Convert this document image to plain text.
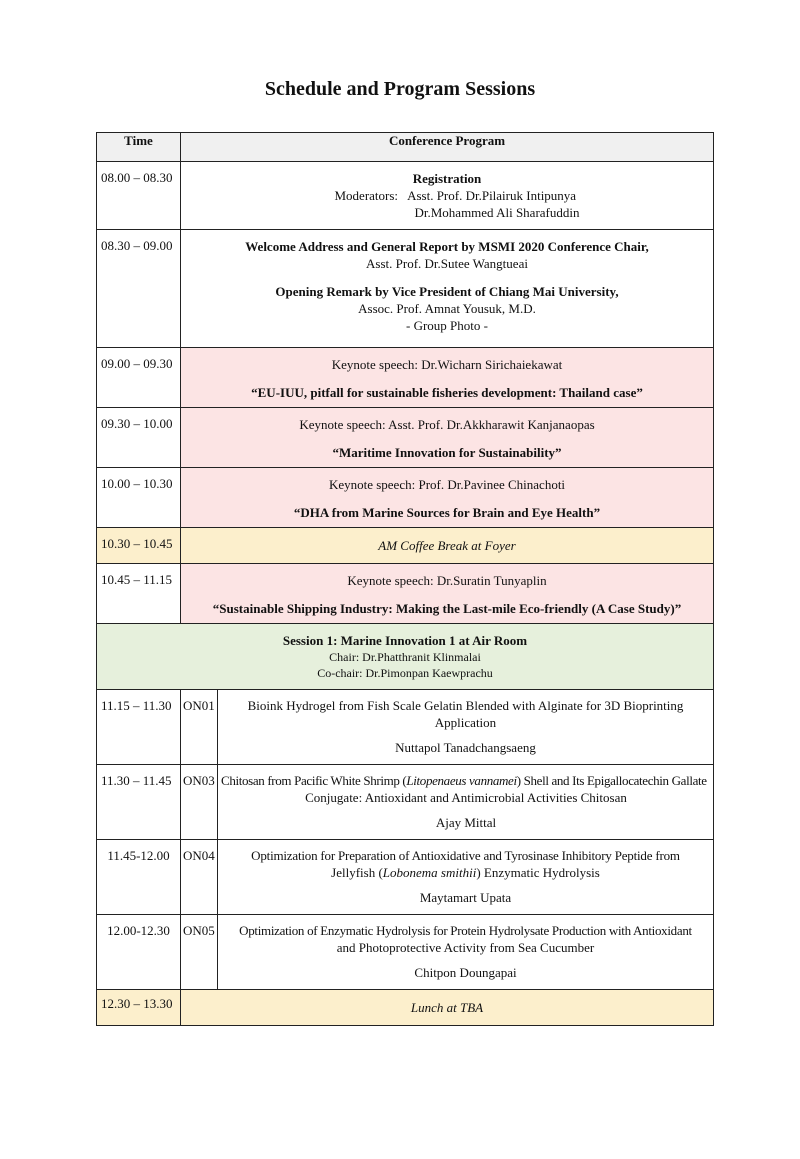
Schedule and Program Sessions
Time	Conference Program	
08.00 – 08.30	Registration
Moderators: Asst. Prof. Dr.Pilairuk Intipunya
Dr.Mohammed Ali Sharafuddin	

08.30 – 09.00	Welcome Address and General Report by MSMI 2020 Conference Chair,
Asst. Prof. Dr.Sutee Wangtueai
Opening Remark by Vice President of Chiang Mai University,
Assoc. Prof. Amnat Yousuk, M.D.
- Group Photo -	

09.00 – 09.30	Keynote speech: Dr.Wicharn Sirichaiekawat
“EU-IUU, pitfall for sustainable fisheries development: Thailand case”	

09.30 – 10.00	Keynote speech: Asst. Prof. Dr.Akkharawit Kanjanaopas
“Maritime Innovation for Sustainability”	

10.00 – 10.30	Keynote speech: Prof. Dr.Pavinee Chinachoti
“DHA from Marine Sources for Brain and Eye Health”	

10.30 – 10.45	AM Coffee Break at Foyer	
10.45 – 11.15	Keynote speech: Dr.Suratin Tunyaplin
“Sustainable Shipping Industry: Making the Last-mile Eco-friendly (A Case Study)”	

Session 1: Marine Innovation 1 at Air Room
Chair: Dr.Phatthranit Klinmalai
Co-chair: Dr.Pimonpan Kaewprachu		

11.15 – 11.30	ON01	Bioink Hydrogel from Fish Scale Gelatin Blended with Alginate for 3D Bioprinting
Application
Nuttapol Tanadchangsaeng

11.30 – 11.45	ON03	Chitosan from Pacific White Shrimp (Litopenaeus vannamei) Shell and Its Epigallocatechin Gallate
Conjugate: Antioxidant and Antimicrobial Activities Chitosan
Ajay Mittal

11.45-12.00	ON04	Optimization for Preparation of Antioxidative and Tyrosinase Inhibitory Peptide from
Jellyfish (Lobonema smithii) Enzymatic Hydrolysis
Maytamart Upata

12.00-12.30	ON05	Optimization of Enzymatic Hydrolysis for Protein Hydrolysate Production with Antioxidant
and Photoprotective Activity from Sea Cucumber
Chitpon Doungapai

12.30 – 13.30	Lunch at TBA	
